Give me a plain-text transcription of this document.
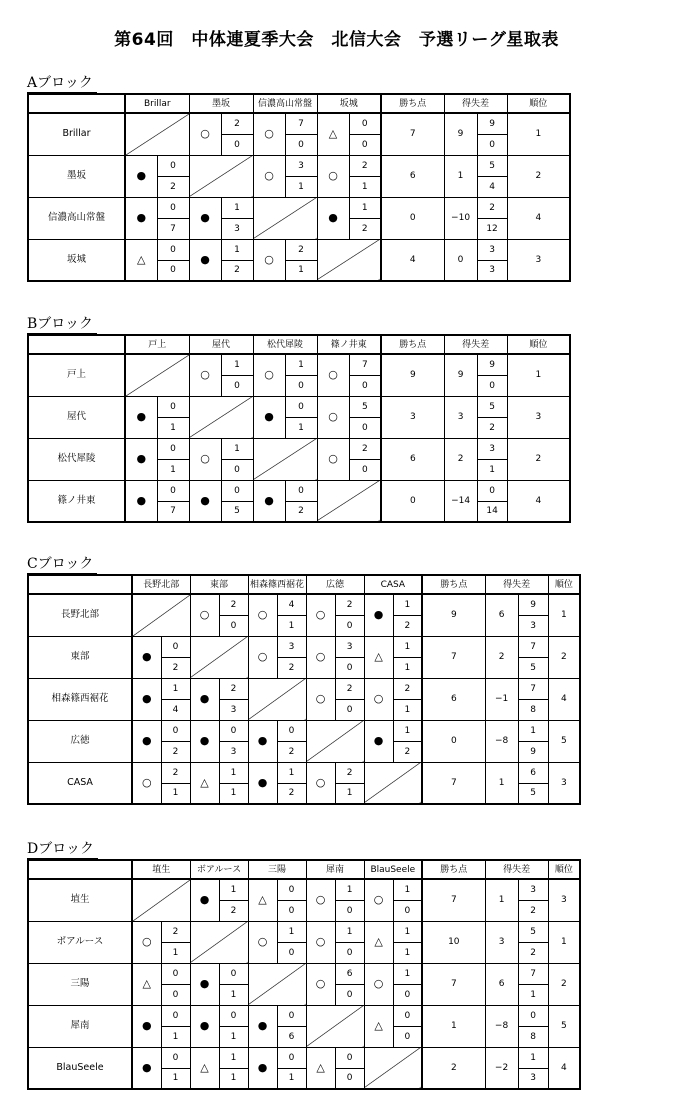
第64回　中体連夏季大会　北信大会　予選リーグ星取表
Aブロック
	Brillar		墨坂		信濃高山常盤		坂城		勝ち点	得失差		順位
Brillar			○	2	○	7	△	0	7	9	9	1
				0		0		0			0	
墨坂	●	0			○	3	○	2	6	1	5	2
		2				1		1			4	
信濃高山常盤	●	0	●	1			●	1	0	−10	2	4
		7		3				2			12	
坂城	△	0	●	1	○	2			4	0	3	3
		0		2		1					3	
Bブロック
	戸上		屋代		松代犀陵		篠ノ井東		勝ち点	得失差		順位
戸上			○	1	○	1	○	7	9	9	9	1
				0		0		0			0	
屋代	●	0			●	0	○	5	3	3	5	3
		1				1		0			2	
松代犀陵	●	0	○	1			○	2	6	2	3	2
		1		0				0			1	
篠ノ井東	●	0	●	0	●	0			0	−14	0	4
		7		5		2					14	
Cブロック
	長野北部		東部		相森篠西裾花		広徳		CASA		勝ち点	得失差		順位
長野北部			○	2	○	4	○	2	●	1	9	6	9	1
				0		1		0		2			3	
東部	●	0			○	3	○	3	△	1	7	2	7	2
		2				2		0		1			5	
相森篠西裾花	●	1	●	2			○	2	○	2	6	−1	7	4
		4		3				0		1			8	
広徳	●	0	●	0	●	0			●	1	0	−8	1	5
		2		3		2				2			9	
CASA	○	2	△	1	●	1	○	2			7	1	6	3
		1		1		2		1					5	
Dブロック
	埴生		ボアルース		三陽		犀南		BlauSeele		勝ち点	得失差		順位
埴生			●	1	△	0	○	1	○	1	7	1	3	3
				2		0		0		0			2	
ボアルース	○	2			○	1	○	1	△	1	10	3	5	1
		1				0		0		1			2	
三陽	△	0	●	0			○	6	○	1	7	6	7	2
		0		1				0		0			1	
犀南	●	0	●	0	●	0			△	0	1	−8	0	5
		1		1		6				0			8	
BlauSeele	●	0	△	1	●	0	△	0			2	−2	1	4
		1		1		1		0					3	
